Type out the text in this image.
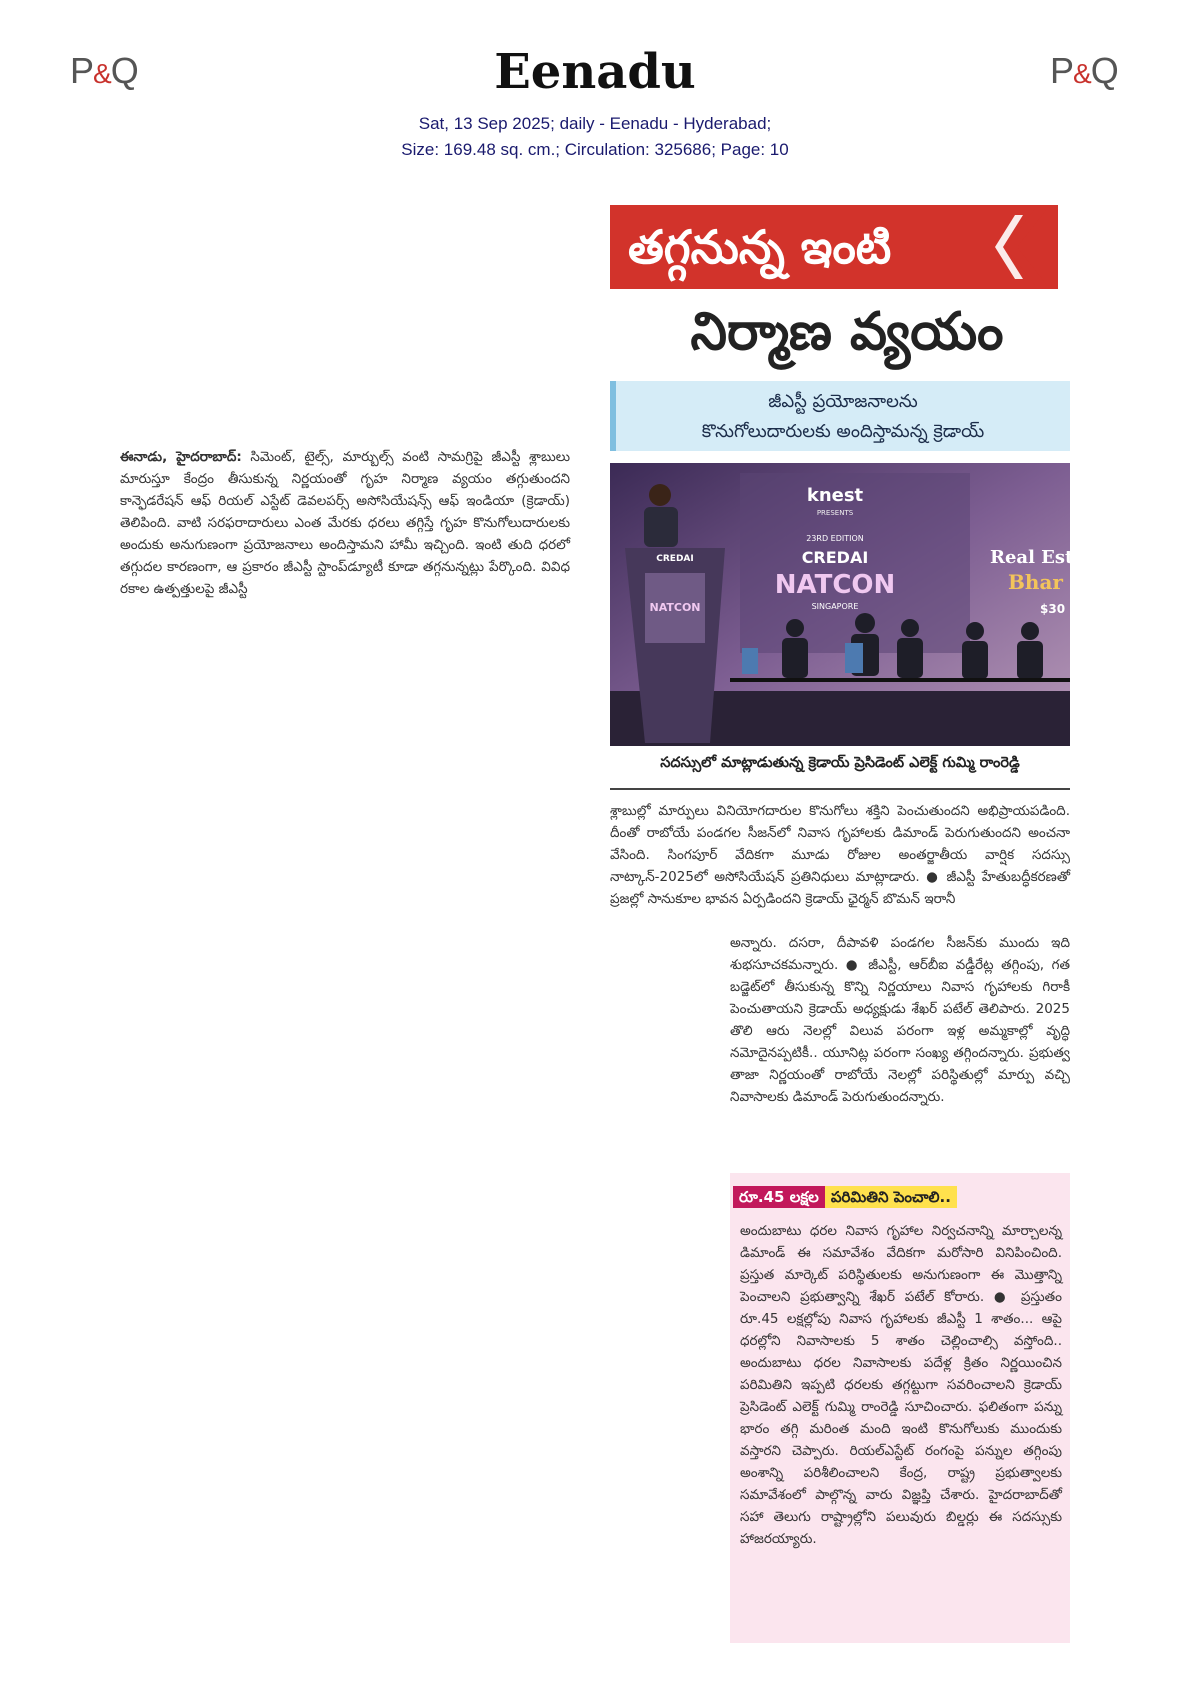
P&Q	P&Q
Eenadu
Sat, 13 Sep 2025; daily - Eenadu - Hyderabad;
Size: 169.48 sq. cm.; Circulation: 325686; Page: 10
ఈనాడు, హైదరాబాద్: సిమెంట్, టైల్స్, మార్బుల్స్ వంటి సామగ్రిపై జీఎస్టీ శ్లాబులు మారుస్తూ కేంద్రం తీసుకున్న నిర్ణయంతో గృహ నిర్మాణ వ్యయం తగ్గుతుందని కాన్ఫెడరేషన్ ఆఫ్ రియల్ ఎస్టేట్ డెవలపర్స్ అసోసియేషన్స్ ఆఫ్ ఇండియా (క్రెడాయ్) తెలిపింది. వాటి సరఫరాదారులు ఎంత మేరకు ధరలు తగ్గిస్తే గృహ కొనుగోలుదారులకు అందుకు అనుగుణంగా ప్రయోజనాలు అందిస్తామని హామీ ఇచ్చింది. ఇంటి తుది ధరలో తగ్గుదల కారణంగా, ఆ ప్రకారం జీఎస్టీ స్టాంప్‌డ్యూటీ కూడా తగ్గనున్నట్లు పేర్కొంది. వివిధ రకాల ఉత్పత్తులపై జీఎస్టీ
తగ్గనున్న ఇంటి
నిర్మాణ వ్యయం
జీఎస్టీ ప్రయోజనాలను
కొనుగోలుదారులకు అందిస్తామన్న క్రెడాయ్
knest
PRESENTS
23RD EDITION
CREDAI
NATCON
SINGAPORE
Real Esta
Bhar
$30
CREDAI
NATCON
సదస్సులో మాట్లాడుతున్న క్రెడాయ్ ప్రెసిడెంట్ ఎలెక్ట్ గుమ్మి రాంరెడ్డి
శ్లాబుల్లో మార్పులు వినియోగదారుల కొనుగోలు శక్తిని పెంచుతుందని అభిప్రాయపడింది. దీంతో రాబోయే పండగల సీజన్‌లో నివాస గృహాలకు డిమాండ్ పెరుగుతుందని అంచనా వేసింది. సింగపూర్ వేదికగా మూడు రోజుల అంతర్జాతీయ వార్షిక సదస్సు నాట్కాన్-2025లో అసోసియేషన్ ప్రతినిధులు మాట్లాడారు. ● జీఎస్టీ హేతుబద్ధీకరణతో ప్రజల్లో సానుకూల భావన ఏర్పడిందని క్రెడాయ్ ఛైర్మన్ బొమన్ ఇరానీ
అన్నారు. దసరా, దీపావళి పండగల సీజన్‌కు ముందు ఇది శుభసూచకమన్నారు. ● జీఎస్టీ, ఆర్‌బీఐ వడ్డీరేట్ల తగ్గింపు, గత బడ్జెట్‌లో తీసుకున్న కొన్ని నిర్ణయాలు నివాస గృహాలకు గిరాకీ పెంచుతాయని క్రెడాయ్ అధ్యక్షుడు శేఖర్ పటేల్ తెలిపారు. 2025 తొలి ఆరు నెలల్లో విలువ పరంగా ఇళ్ల అమ్మకాల్లో వృద్ధి నమోదైనప్పటికీ.. యూనిట్ల పరంగా సంఖ్య తగ్గిందన్నారు. ప్రభుత్వ తాజా నిర్ణయంతో రాబోయే నెలల్లో పరిస్థితుల్లో మార్పు వచ్చి నివాసాలకు డిమాండ్ పెరుగుతుందన్నారు.
రూ.45 లక్షల పరిమితిని పెంచాలి..
అందుబాటు ధరల నివాస గృహాల నిర్వచనాన్ని మార్చాలన్న డిమాండ్ ఈ సమావేశం వేదికగా మరోసారి వినిపించింది. ప్రస్తుత మార్కెట్ పరిస్థితులకు అనుగుణంగా ఈ మొత్తాన్ని పెంచాలని ప్రభుత్వాన్ని శేఖర్ పటేల్ కోరారు. ● ప్రస్తుతం రూ.45 లక్షల్లోపు నివాస గృహాలకు జీఎస్టీ 1 శాతం... ఆపై ధరల్లోని నివాసాలకు 5 శాతం చెల్లించాల్సి వస్తోంది.. అందుబాటు ధరల నివాసాలకు పదేళ్ల క్రితం నిర్ణయించిన పరిమితిని ఇప్పటి ధరలకు తగ్గట్టుగా సవరించాలని క్రెడాయ్ ప్రెసిడెంట్ ఎలెక్ట్ గుమ్మి రాంరెడ్డి సూచించారు. ఫలితంగా పన్ను భారం తగ్గి మరింత మంది ఇంటి కొనుగోలుకు ముందుకు వస్తారని చెప్పారు. రియల్‌ఎస్టేట్ రంగంపై పన్నుల తగ్గింపు అంశాన్ని పరిశీలించాలని కేంద్ర, రాష్ట్ర ప్రభుత్వాలకు సమావేశంలో పాల్గొన్న వారు విజ్ఞప్తి చేశారు. హైదరాబాద్‌తో సహా తెలుగు రాష్ట్రాల్లోని పలువురు బిల్డర్లు ఈ సదస్సుకు హాజరయ్యారు.
